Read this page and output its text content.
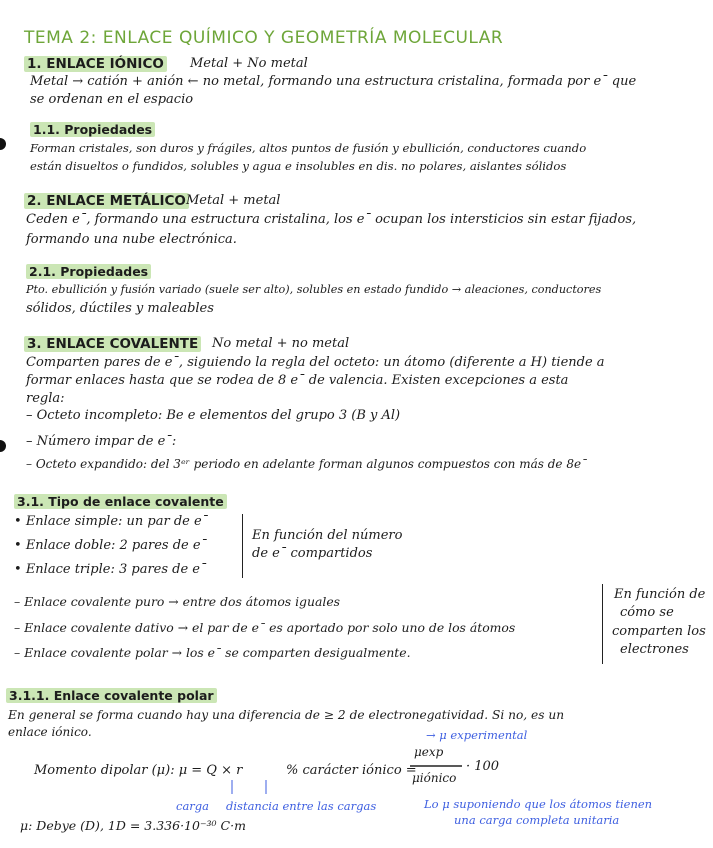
TEMA 2: ENLACE QUÍMICO Y GEOMETRÍA MOLECULAR
1. ENLACE IÓNICO Metal + No metal
Metal → catión + anión ← no metal, formando una estructura cristalina, formada por eˉ que
se ordenan en el espacio
1.1. Propiedades
Forman cristales, son duros y frágiles, altos puntos de fusión y ebullición, conductores cuando
están disueltos o fundidos, solubles y agua e insolubles en dis. no polares, aislantes sólidos
2. ENLACE METÁLICO Metal + metal
Ceden eˉ, formando una estructura cristalina, los eˉ ocupan los intersticios sin estar fijados,
formando una nube electrónica.
2.1. Propiedades
Pto. ebullición y fusión variado (suele ser alto), solubles en estado fundido → aleaciones, conductores
sólidos, dúctiles y maleables
3. ENLACE COVALENTE No metal + no metal
Comparten pares de eˉ, siguiendo la regla del octeto: un átomo (diferente a H) tiende a
formar enlaces hasta que se rodea de 8 eˉ de valencia. Existen excepciones a esta
regla:
– Octeto incompleto: Be e elementos del grupo 3 (B y Al)
– Número impar de eˉ:
– Octeto expandido: del 3ᵉʳ periodo en adelante forman algunos compuestos con más de 8eˉ
3.1. Tipo de enlace covalente
• Enlace simple: un par de eˉ
• Enlace doble: 2 pares de eˉ
• Enlace triple: 3 pares de eˉ
En función del número
de eˉ compartidos
– Enlace covalente puro → entre dos átomos iguales
– Enlace covalente dativo → el par de eˉ es aportado por solo uno de los átomos
– Enlace covalente polar → los eˉ se comparten desigualmente.
En función de
cómo se
comparten los
electrones
3.1.1. Enlace covalente polar
En general se forma cuando hay una diferencia de ≥ 2 de electronegatividad. Si no, es un
enlace iónico.	→ μ experimental
Momento dipolar (μ): μ = Q × r	% carácter iónico =
μexp
μiónico
· 100
carga distancia entre las cargas	Lo μ suponiendo que los átomos tienen
una carga completa unitaria
μ: Debye (D), 1D = 3.336·10⁻³⁰ C·m
